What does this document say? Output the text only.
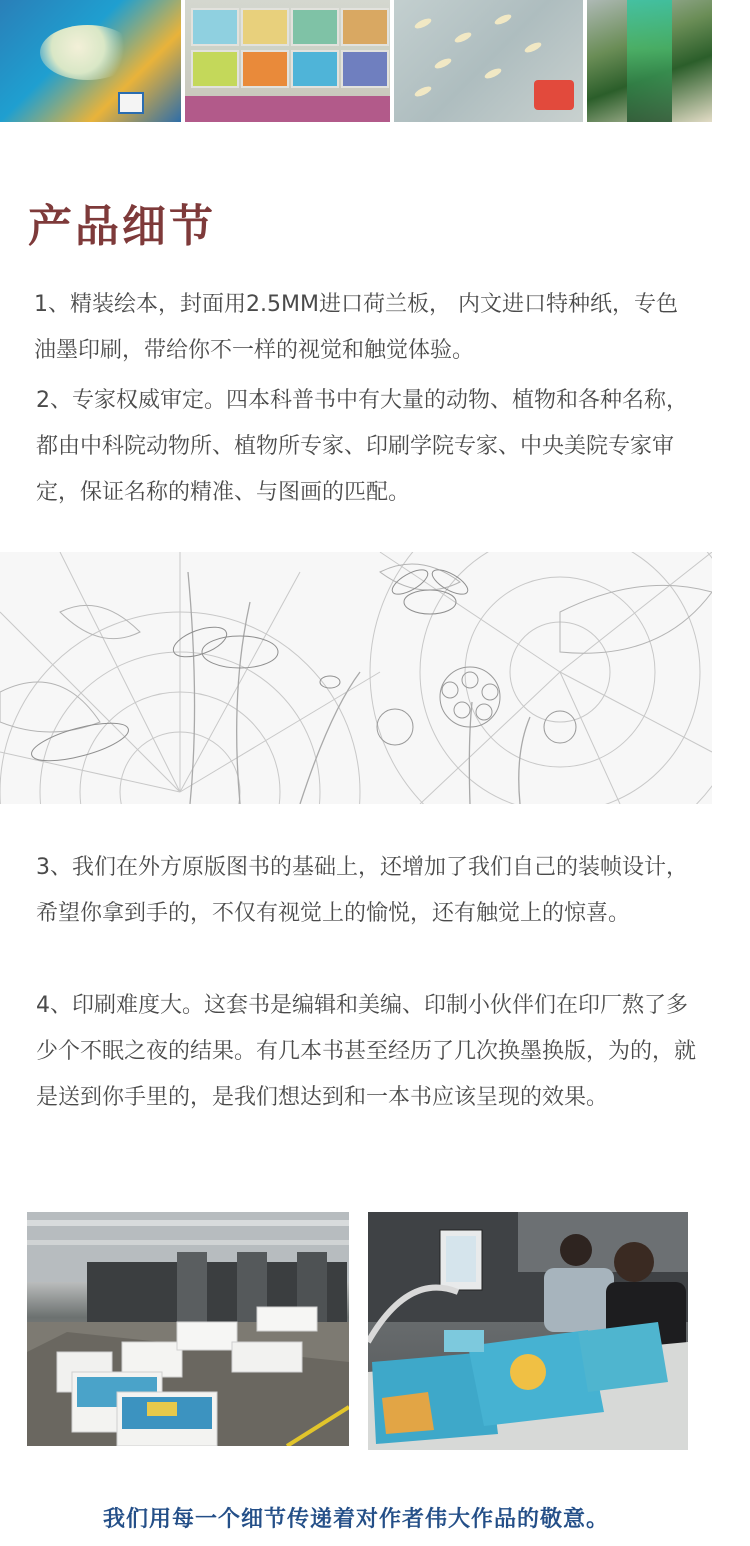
产品细节

1、精装绘本，封面用2.5MM进口荷兰板， 内文进口特种纸，专色油墨印刷，带给你不一样的视觉和触觉体验。

2、专家权威审定。四本科普书中有大量的动物、植物和各种名称，都由中科院动物所、植物所专家、印刷学院专家、中央美院专家审定，保证名称的精准、与图画的匹配。

3、我们在外方原版图书的基础上，还增加了我们自己的装帧设计，希望你拿到手的，不仅有视觉上的愉悦，还有触觉上的惊喜。

4、印刷难度大。这套书是编辑和美编、印制小伙伴们在印厂熬了多少个不眠之夜的结果。有几本书甚至经历了几次换墨换版，为的，就是送到你手里的，是我们想达到和一本书应该呈现的效果。

我们用每一个细节传递着对作者伟大作品的敬意。
